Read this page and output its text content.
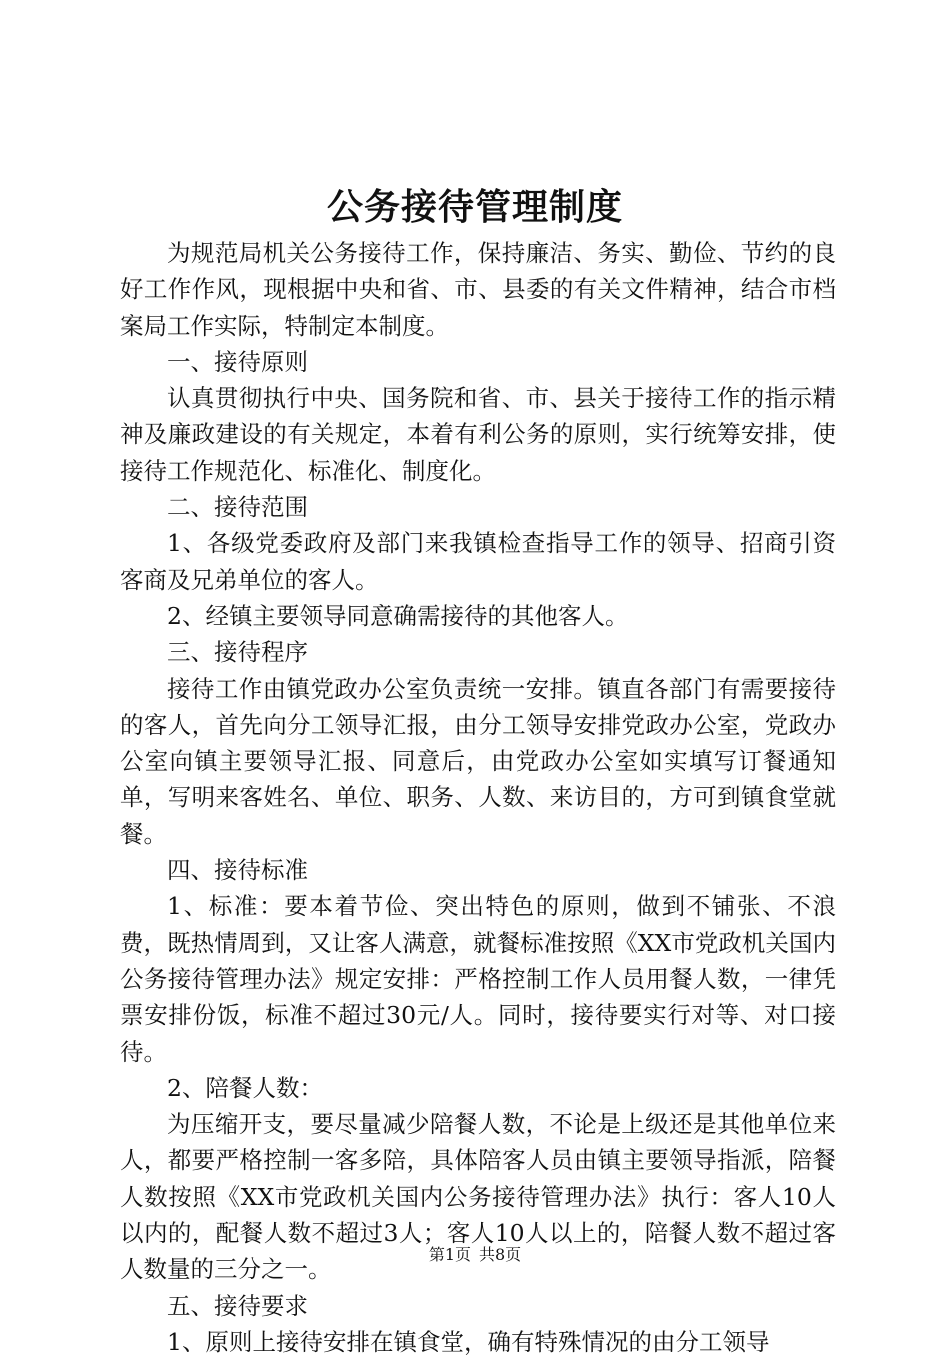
公务接待管理制度

为规范局机关公务接待工作，保持廉洁、务实、勤俭、节约的良好工作作风，现根据中央和省、市、县委的有关文件精神，结合市档案局工作实际，特制定本制度。

一、接待原则

认真贯彻执行中央、国务院和省、市、县关于接待工作的指示精神及廉政建设的有关规定，本着有利公务的原则，实行统筹安排，使接待工作规范化、标准化、制度化。

二、接待范围

1、各级党委政府及部门来我镇检查指导工作的领导、招商引资客商及兄弟单位的客人。

2、经镇主要领导同意确需接待的其他客人。

三、接待程序

接待工作由镇党政办公室负责统一安排。镇直各部门有需要接待的客人，首先向分工领导汇报，由分工领导安排党政办公室，党政办公室向镇主要领导汇报、同意后，由党政办公室如实填写订餐通知单，写明来客姓名、单位、职务、人数、来访目的，方可到镇食堂就餐。

四、接待标准

1、标准：要本着节俭、突出特色的原则，做到不铺张、不浪费，既热情周到，又让客人满意，就餐标准按照《XX市党政机关国内公务接待管理办法》规定安排：严格控制工作人员用餐人数，一律凭票安排份饭，标准不超过30元/人。同时，接待要实行对等、对口接待。

2、陪餐人数：

为压缩开支，要尽量减少陪餐人数，不论是上级还是其他单位来人，都要严格控制一客多陪，具体陪客人员由镇主要领导指派，陪餐人数按照《XX市党政机关国内公务接待管理办法》执行：客人10人以内的，配餐人数不超过3人；客人10人以上的，陪餐人数不超过客人数量的三分之一。

五、接待要求

1、原则上接待安排在镇食堂，确有特殊情况的由分工领导

第1页 共8页
